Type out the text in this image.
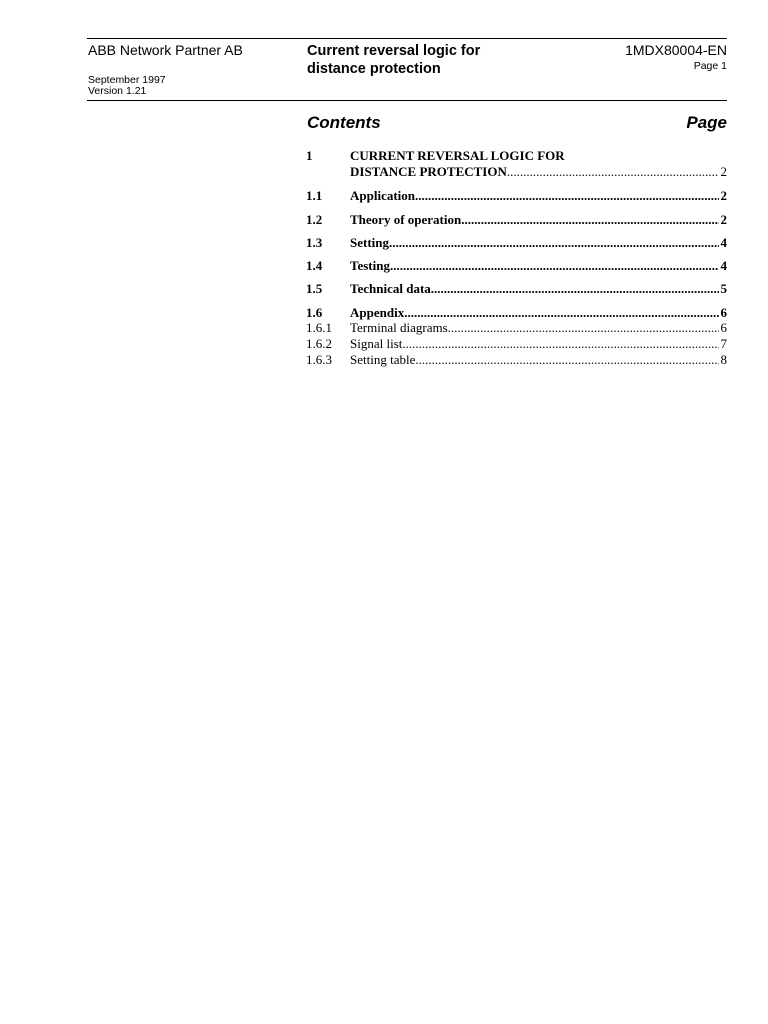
ABB Network Partner AB
September 1997
Version 1.21
Current reversal logic for
distance protection
1MDX80004-EN
Page 1
Contents	Page
1	CURRENT REVERSAL LOGIC FOR
DISTANCE PROTECTION .....	2
1.1 Application .....	2
1.2 Theory of operation .....	2
1.3 Setting .....	4
1.4 Testing .....	4
1.5 Technical data .....	5
1.6 Appendix .....	6
1.6.1 Terminal diagrams .....	6
1.6.2 Signal list .....	7
1.6.3 Setting table .....	8
